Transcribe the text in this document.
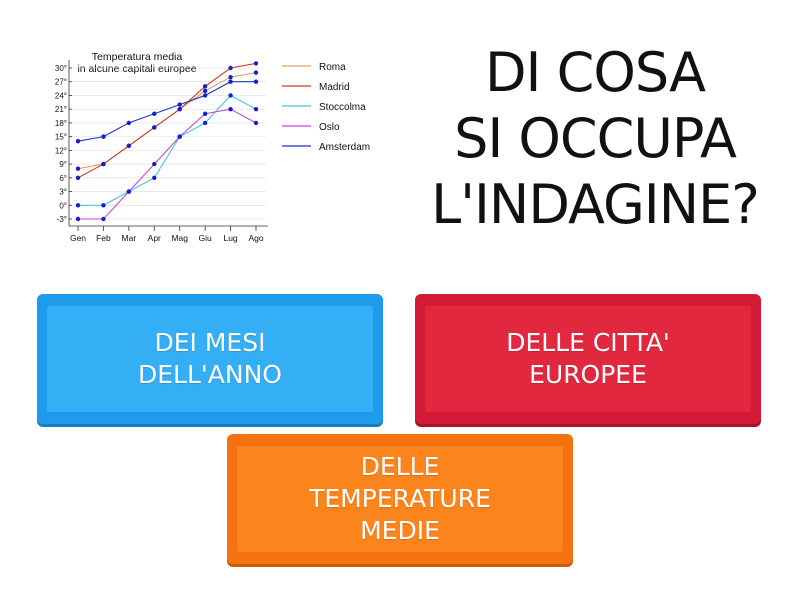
Temperatura media
in alcune capitali europee
-3°
0°
3°
6°
9°
12°
15°
18°
21°
24°
27°
30°
Gen Feb Mar Apr Mag Giu Lug Ago
Roma
Madrid
Stoccolma
Oslo
Amsterdam
DI COSA
SI OCCUPA
L'INDAGINE?
DEI MESI
DELL'ANNO
DELLE CITTA'
EUROPEE
DELLE
TEMPERATURE
MEDIE
